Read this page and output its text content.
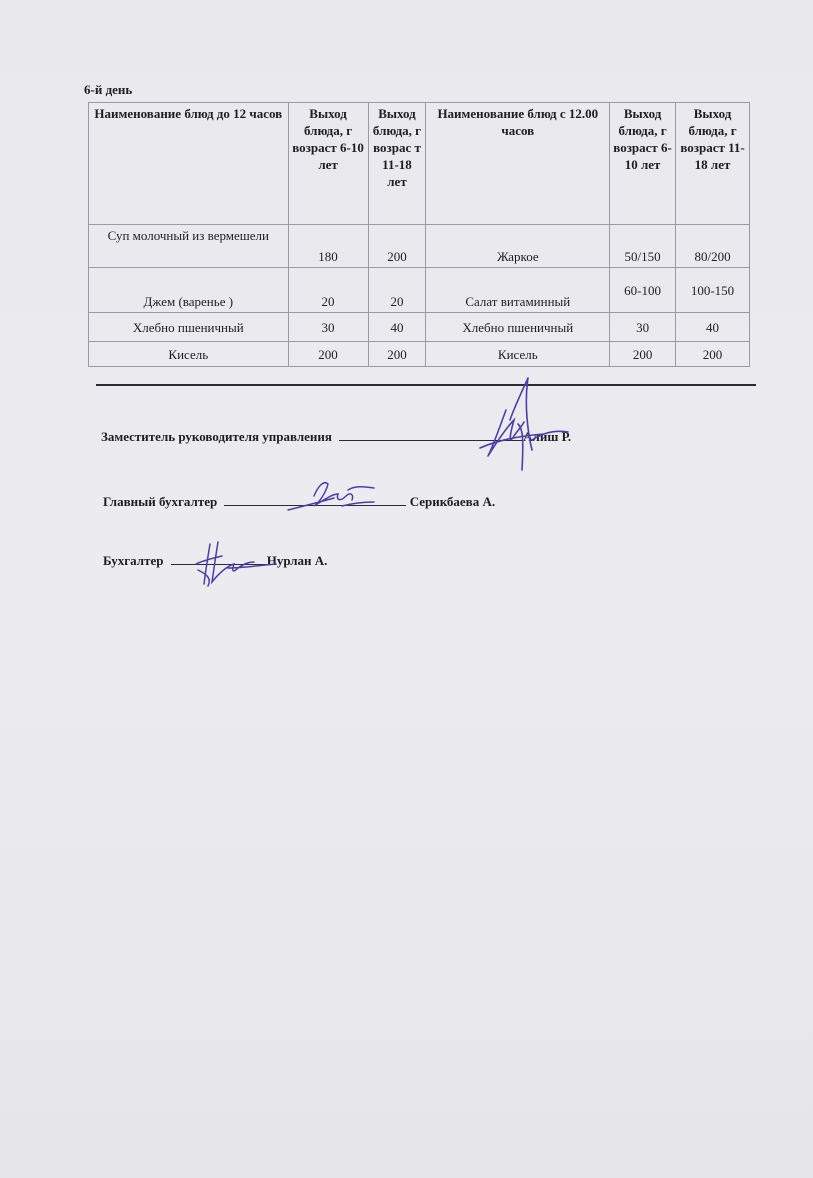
6-й день
Наименование блюд до 12 часов	Выход блюда, г возраст 6-10 лет	Выход блюда, г возрас т 11-18 лет	Наименование блюд с 12.00 часов	Выход блюда, г возраст 6-10 лет	Выход блюда, г возраст 11-18 лет
Суп молочный из вермешели	180	200	Жаркое	50/150	80/200
Джем (варенье )	20	20	Салат витаминный	60-100	100-150
Хлебно пшеничный	30	40	Хлебно пшеничный	30	40
Кисель	200	200	Кисель	200	200
Заместитель руководителя управления	Алиш Р.
Главный бухгалтер	Серикбаева А.
Бухгалтер	Нурлан А.
